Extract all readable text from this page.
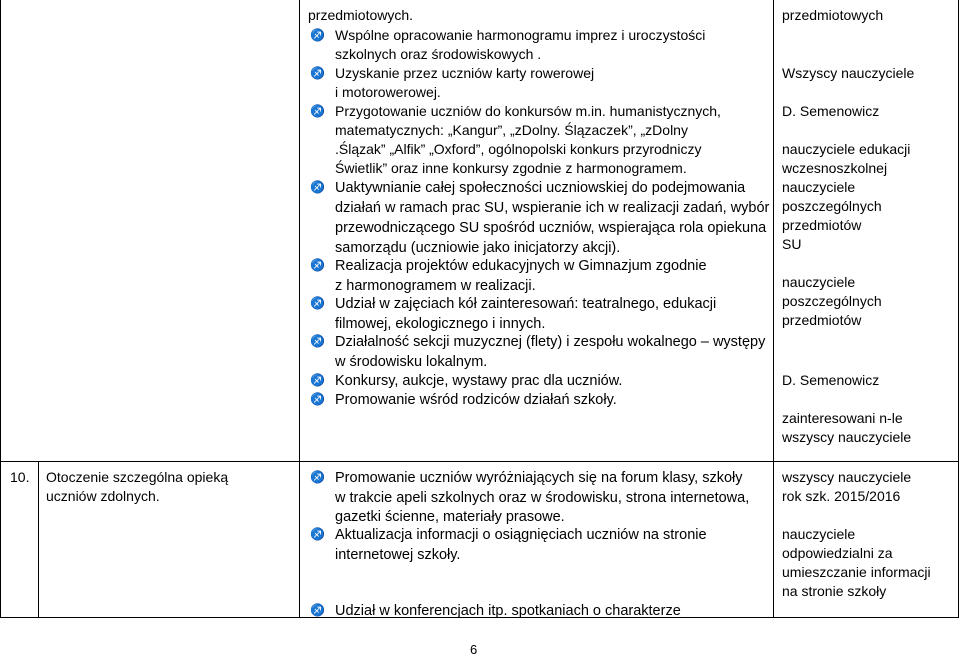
przedmiotowych.
♐ Wspólne opracowanie harmonogramu imprez i uroczystości
szkolnych oraz środowiskowych .
♐ Uzyskanie przez uczniów karty rowerowej
i motorowerowej.
♐ Przygotowanie uczniów do konkursów m.in. humanistycznych,
matematycznych: „Kangur”, „zDolny. Ślązaczek”, „zDolny
.Ślązak” „Alfik” „Oxford”, ogólnopolski konkurs przyrodniczy
Świetlik” oraz inne konkursy zgodnie z harmonogramem.
♐ Uaktywnianie całej społeczności uczniowskiej do podejmowania
działań w ramach prac SU, wspieranie ich w realizacji zadań, wybór
przewodniczącego SU spośród uczniów, wspierająca rola opiekuna
samorządu (uczniowie jako inicjatorzy akcji).
♐ Realizacja projektów edukacyjnych w Gimnazjum zgodnie
z harmonogramem w realizacji.
♐ Udział w zajęciach kół zainteresowań: teatralnego, edukacji
filmowej, ekologicznego i innych.
♐ Działalność sekcji muzycznej (flety) i zespołu wokalnego – występy
w środowisku lokalnym.
♐ Konkursy, aukcje, wystawy prac dla uczniów.
♐ Promowanie wśród rodziców działań szkoły.
przedmiotowych
Wszyscy nauczyciele
D. Semenowicz
nauczyciele edukacji
wczesnoszkolnej
nauczyciele
poszczególnych
przedmiotów
SU
nauczyciele
poszczególnych
przedmiotów
D. Semenowicz
zainteresowani n-le
wszyscy nauczyciele
10. Otoczenie szczególna opieką
uczniów zdolnych.
♐ Promowanie uczniów wyróżniających się na forum klasy, szkoły
w trakcie apeli szkolnych oraz w środowisku, strona internetowa,
gazetki ścienne, materiały prasowe.
♐ Aktualizacja informacji o osiągnięciach uczniów na stronie
internetowej szkoły.
♐ Udział w konferencjach itp. spotkaniach o charakterze
wszyscy nauczyciele
rok szk. 2015/2016
nauczyciele
odpowiedzialni za
umieszczanie informacji
na stronie szkoły
6
